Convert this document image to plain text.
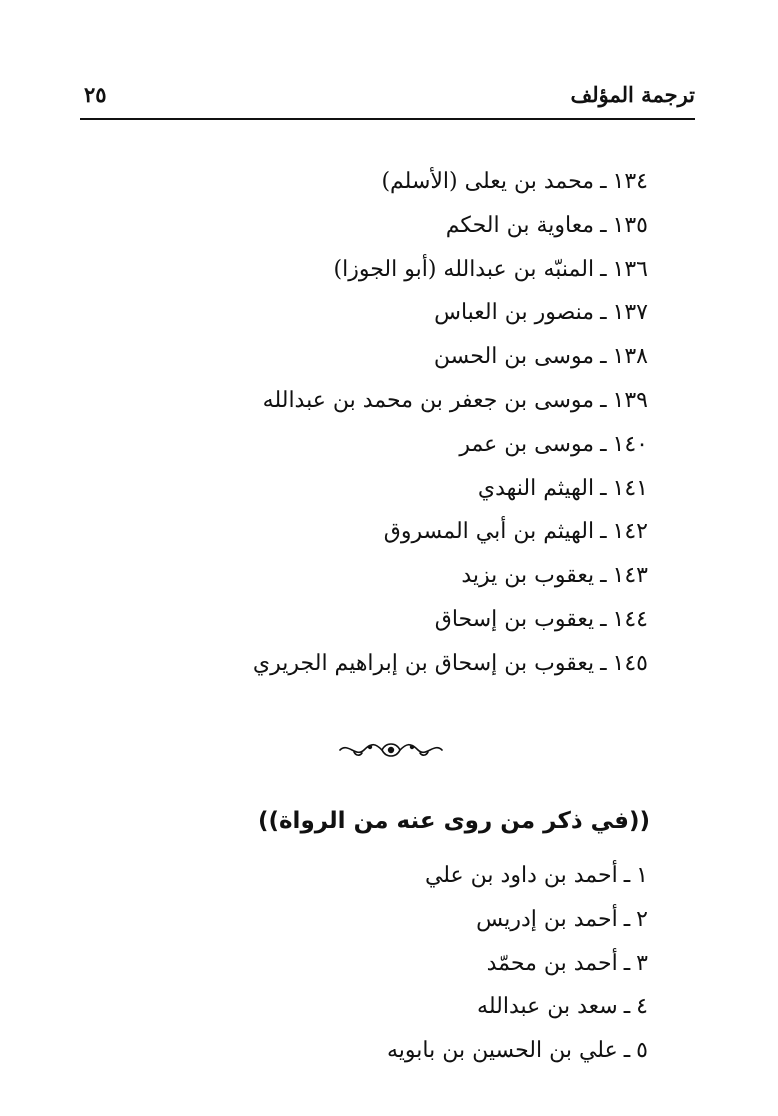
ترجمة المؤلف
٢٥
١٣٤ـمحمد بن يعلى (الأسلم)
١٣٥ـمعاوية بن الحكم
١٣٦ـالمنبّه بن عبدالله (أبو الجوزا)
١٣٧ـمنصور بن العباس
١٣٨ـموسى بن الحسن
١٣٩ـموسى بن جعفر بن محمد بن عبدالله
١٤٠ـموسى بن عمر
١٤١ـالهيثم النهدي
١٤٢ـالهيثم بن أبي المسروق
١٤٣ـيعقوب بن يزيد
١٤٤ـيعقوب بن إسحاق
١٤٥ـيعقوب بن إسحاق بن إبراهيم الجريري
((في ذكر من روى عنه من الرواة))
١ـأحمد بن داود بن علي
٢ـأحمد بن إدريس
٣ـأحمد بن محمّد
٤ـسعد بن عبدالله
٥ـعلي بن الحسين بن بابويه
